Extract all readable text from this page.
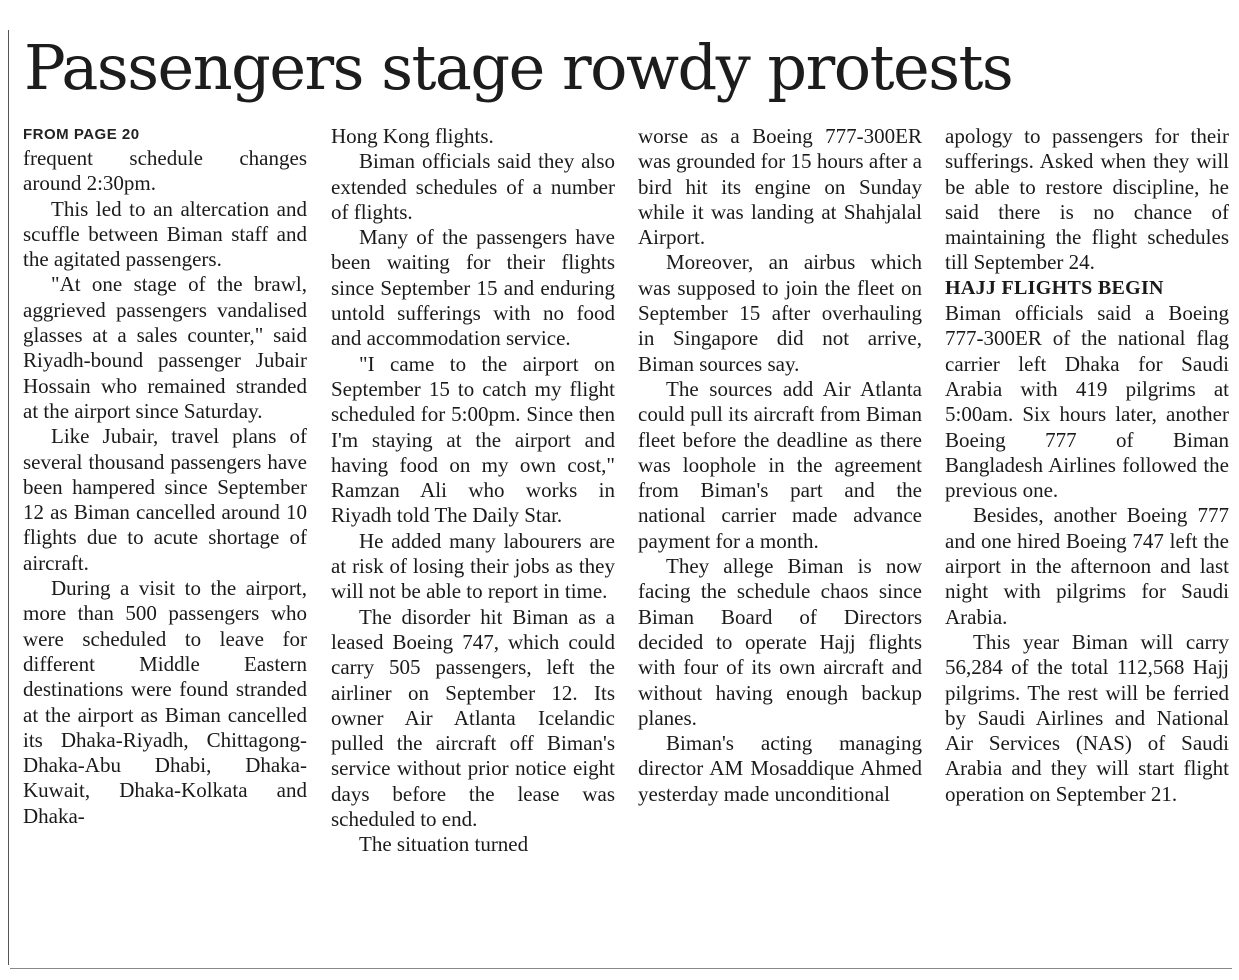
Passengers stage rowdy protests
FROM PAGE 20

frequent schedule changes around 2:30pm.

This led to an altercation and scuffle between Biman staff and the agitated passengers.

"At one stage of the brawl, aggrieved passengers vandalised glasses at a sales counter," said Riyadh-bound passenger Jubair Hossain who remained stranded at the airport since Saturday.

Like Jubair, travel plans of several thousand passengers have been hampered since September 12 as Biman cancelled around 10 flights due to acute shortage of aircraft.

During a visit to the airport, more than 500 passengers who were scheduled to leave for different Middle Eastern destinations were found stranded at the airport as Biman cancelled its Dhaka-Riyadh, Chittagong-Dhaka-Abu Dhabi, Dhaka-Kuwait, Dhaka-Kolkata and Dhaka-

Hong Kong flights.

Biman officials said they also extended schedules of a number of flights.

Many of the passengers have been waiting for their flights since September 15 and enduring untold sufferings with no food and accommodation service.

"I came to the airport on September 15 to catch my flight scheduled for 5:00pm. Since then I'm staying at the airport and having food on my own cost," Ramzan Ali who works in Riyadh told The Daily Star.

He added many labourers are at risk of losing their jobs as they will not be able to report in time.

The disorder hit Biman as a leased Boeing 747, which could carry 505 passengers, left the airliner on September 12. Its owner Air Atlanta Icelandic pulled the aircraft off Biman's service without prior notice eight days before the lease was scheduled to end.

The situation turned

worse as a Boeing 777-300ER was grounded for 15 hours after a bird hit its engine on Sunday while it was landing at Shahjalal Airport.

Moreover, an airbus which was supposed to join the fleet on September 15 after overhauling in Singapore did not arrive, Biman sources say.

The sources add Air Atlanta could pull its aircraft from Biman fleet before the deadline as there was loophole in the agreement from Biman's part and the national carrier made advance payment for a month.

They allege Biman is now facing the schedule chaos since Biman Board of Directors decided to operate Hajj flights with four of its own aircraft and without having enough backup planes.

Biman's acting managing director AM Mosaddique Ahmed yesterday made unconditional

apology to passengers for their sufferings. Asked when they will be able to restore discipline, he said there is no chance of maintaining the flight schedules till September 24.

HAJJ FLIGHTS BEGIN

Biman officials said a Boeing 777-300ER of the national flag carrier left Dhaka for Saudi Arabia with 419 pilgrims at 5:00am. Six hours later, another Boeing 777 of Biman Bangladesh Airlines followed the previous one.

Besides, another Boeing 777 and one hired Boeing 747 left the airport in the afternoon and last night with pilgrims for Saudi Arabia.

This year Biman will carry 56,284 of the total 112,568 Hajj pilgrims. The rest will be ferried by Saudi Airlines and National Air Services (NAS) of Saudi Arabia and they will start flight operation on September 21.
